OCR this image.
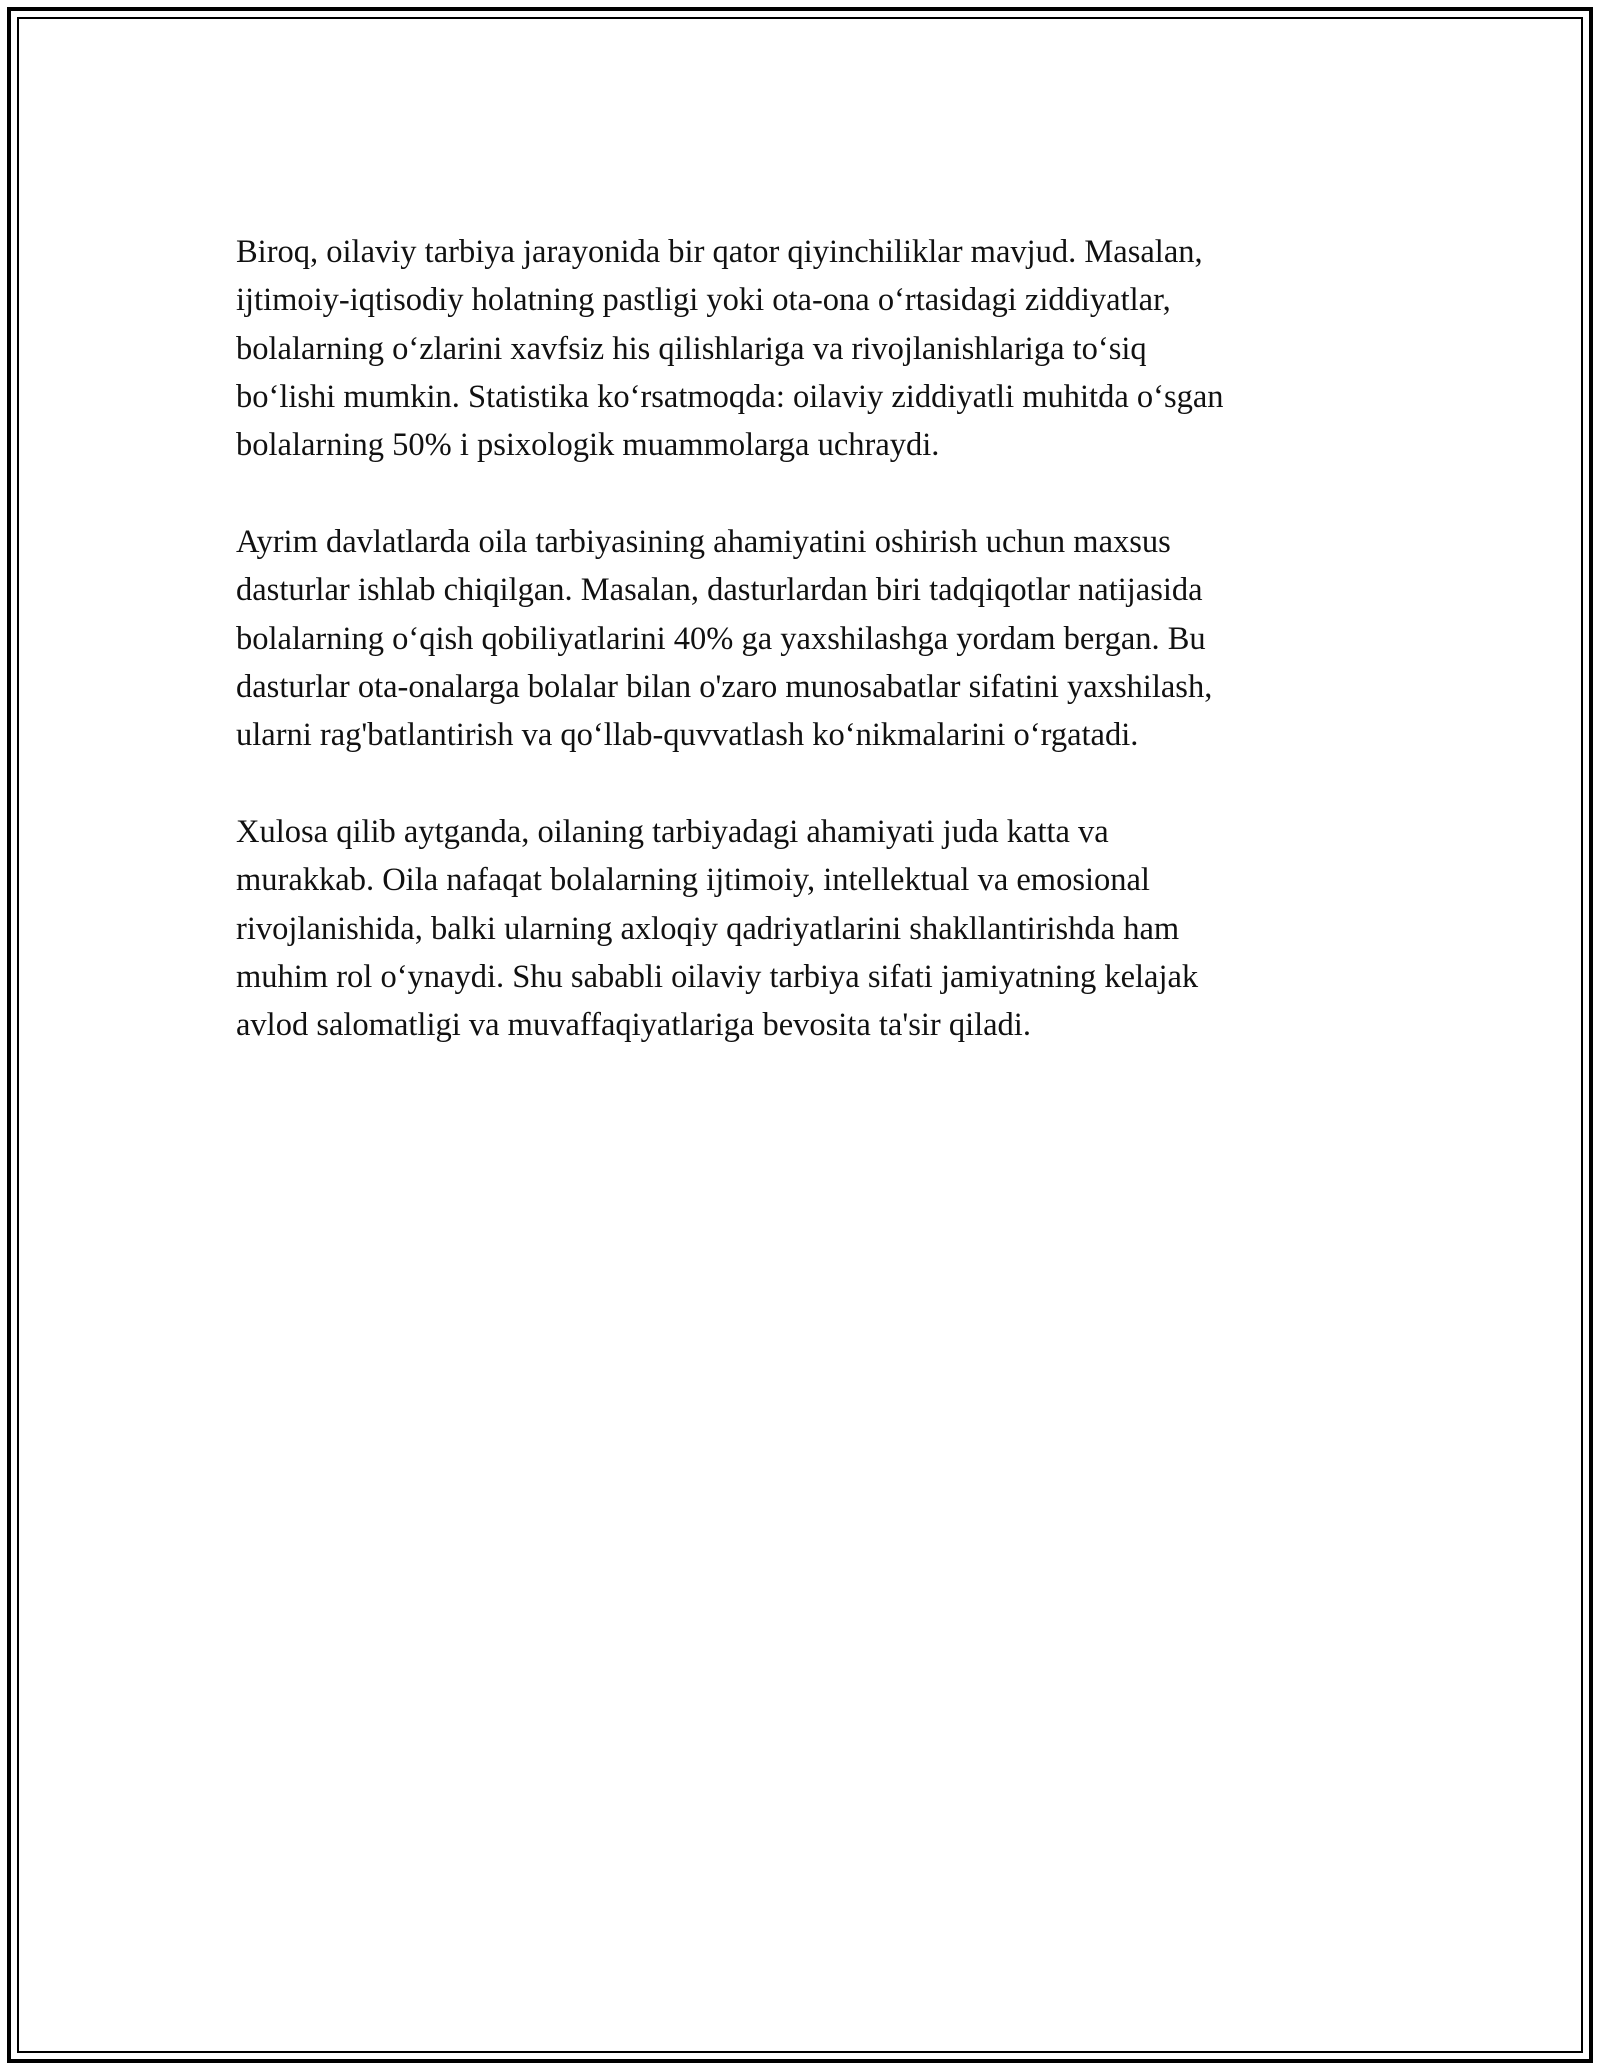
Biroq, oilaviy tarbiya jarayonida bir qator qiyinchiliklar mavjud. Masalan,
ijtimoiy-iqtisodiy holatning pastligi yoki ota-ona o‘rtasidagi ziddiyatlar,
bolalarning o‘zlarini xavfsiz his qilishlariga va rivojlanishlariga to‘siq
bo‘lishi mumkin. Statistika ko‘rsatmoqda: oilaviy ziddiyatli muhitda o‘sgan
bolalarning 50% i psixologik muammolarga uchraydi.

Ayrim davlatlarda oila tarbiyasining ahamiyatini oshirish uchun maxsus
dasturlar ishlab chiqilgan. Masalan, dasturlardan biri tadqiqotlar natijasida
bolalarning o‘qish qobiliyatlarini 40% ga yaxshilashga yordam bergan. Bu
dasturlar ota-onalarga bolalar bilan o'zaro munosabatlar sifatini yaxshilash,
ularni rag'batlantirish va qo‘llab-quvvatlash ko‘nikmalarini o‘rgatadi.

Xulosa qilib aytganda, oilaning tarbiyadagi ahamiyati juda katta va
murakkab. Oila nafaqat bolalarning ijtimoiy, intellektual va emosional
rivojlanishida, balki ularning axloqiy qadriyatlarini shakllantirishda ham
muhim rol o‘ynaydi. Shu sababli oilaviy tarbiya sifati jamiyatning kelajak
avlod salomatligi va muvaffaqiyatlariga bevosita ta'sir qiladi.
